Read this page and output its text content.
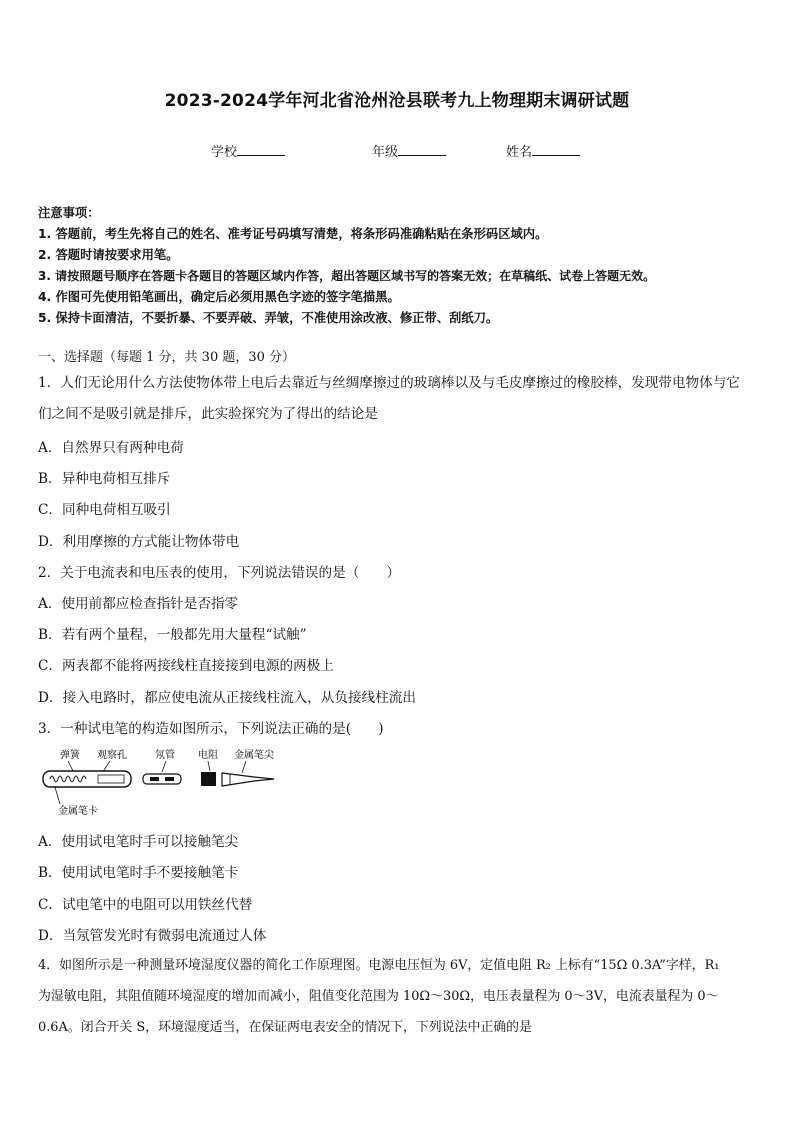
2023-2024学年河北省沧州沧县联考九上物理期末调研试题
学校	年级	姓名
注意事项：
1. 答题前，考生先将自己的姓名、准考证号码填写清楚，将条形码准确粘贴在条形码区域内。
2. 答题时请按要求用笔。
3. 请按照题号顺序在答题卡各题目的答题区域内作答，超出答题区域书写的答案无效；在草稿纸、试卷上答题无效。
4. 作图可先使用铅笔画出，确定后必须用黑色字迹的签字笔描黑。
5. 保持卡面清洁，不要折暴、不要弄破、弄皱，不准使用涂改液、修正带、刮纸刀。
一、选择题（每题 1 分，共 30 题，30 分）
1．人们无论用什么方法使物体带上电后去靠近与丝绸摩擦过的玻璃棒以及与毛皮摩擦过的橡胶棒，发现带电物体与它
们之间不是吸引就是排斥，此实验探究为了得出的结论是
A．自然界只有两种电荷
B．异种电荷相互排斥
C．同种电荷相互吸引
D．利用摩擦的方式能让物体带电
2．关于电流表和电压表的使用，下列说法错误的是（　　）
A．使用前都应检查指针是否指零
B．若有两个量程，一般都先用大量程“试触”
C．两表都不能将两接线柱直接接到电源的两极上
D．接入电路时，都应使电流从正接线柱流入，从负接线柱流出
3．一种试电笔的构造如图所示，下列说法正确的是(　　)
弹簧 观察孔	氖管 电阻 金属笔尖
金属笔卡
A．使用试电笔时手可以接触笔尖
B．使用试电笔时手不要接触笔卡
C．试电笔中的电阻可以用铁丝代替
D．当氖管发光时有微弱电流通过人体
4．如图所示是一种测量环境湿度仪器的简化工作原理图。电源电压恒为 6V，定值电阻 R₂ 上标有“15Ω 0.3A”字样，R₁
为湿敏电阻，其阻值随环境湿度的增加而减小，阻值变化范围为 10Ω～30Ω，电压表量程为 0～3V，电流表量程为 0～
0.6A。闭合开关 S，环境湿度适当，在保证两电表安全的情况下，下列说法中正确的是
